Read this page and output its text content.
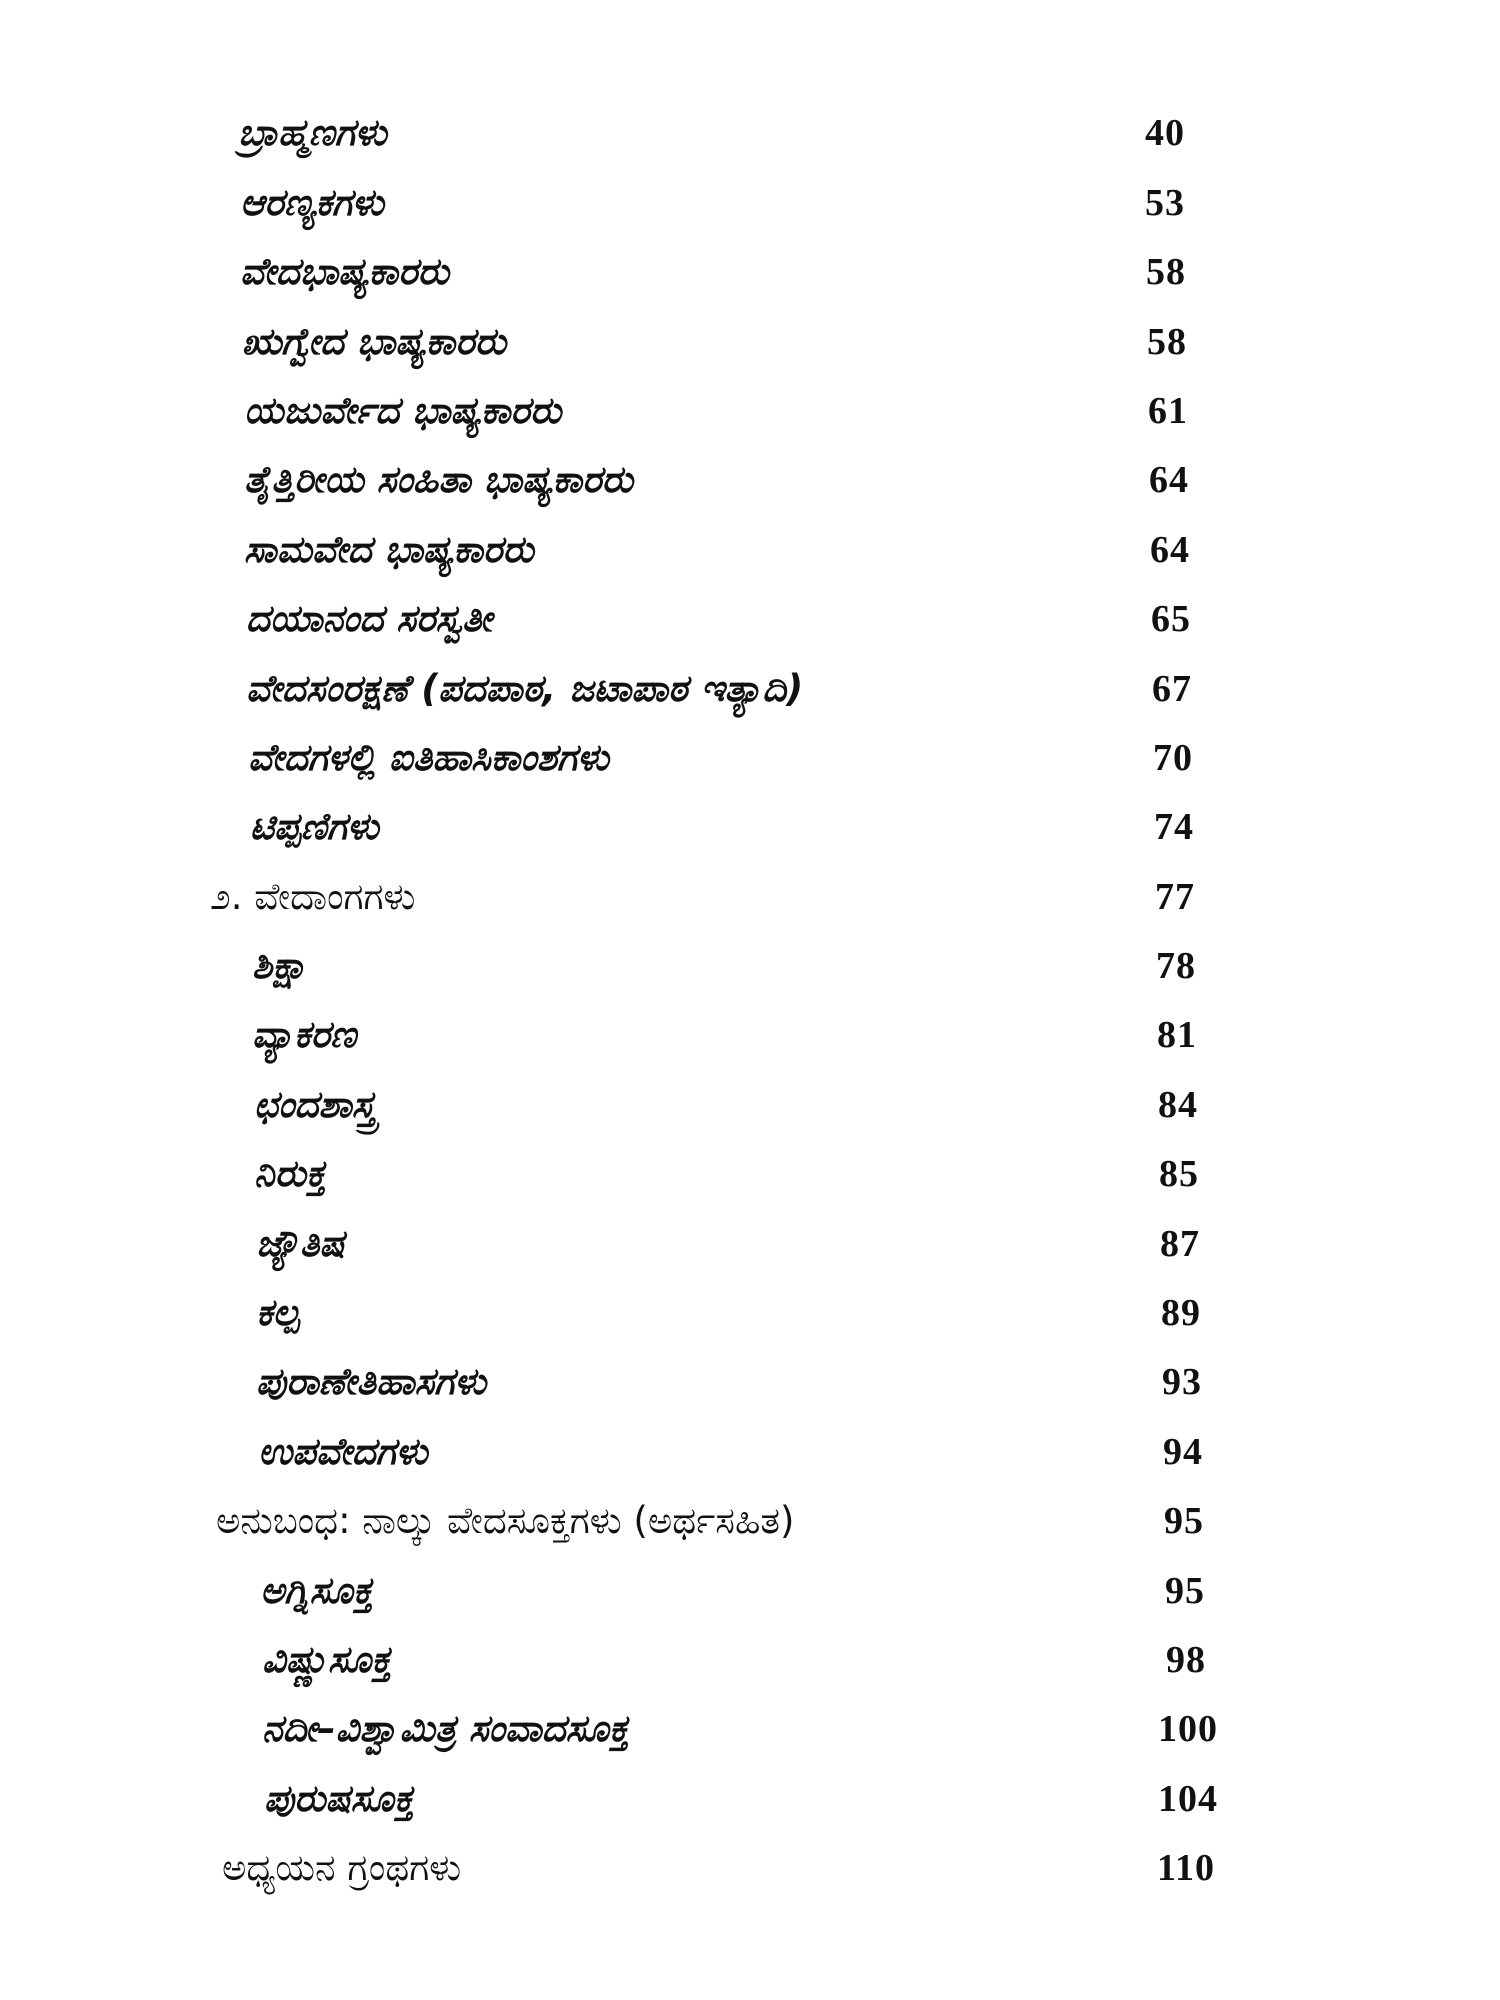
ಬ್ರಾಹ್ಮಣಗಳು	40
ಆರಣ್ಯಕಗಳು	53
ವೇದಭಾಷ್ಯಕಾರರು	58
ಋಗ್ವೇದ ಭಾಷ್ಯಕಾರರು	58
ಯಜುರ್ವೇದ ಭಾಷ್ಯಕಾರರು	61
ತೈತ್ತಿರೀಯ ಸಂಹಿತಾ ಭಾಷ್ಯಕಾರರು	64
ಸಾಮವೇದ ಭಾಷ್ಯಕಾರರು	64
ದಯಾನಂದ ಸರಸ್ವತೀ	65
ವೇದಸಂರಕ್ಷಣೆ (ಪದಪಾಠ, ಜಟಾಪಾಠ ಇತ್ಯಾದಿ)	67
ವೇದಗಳಲ್ಲಿ ಐತಿಹಾಸಿಕಾಂಶಗಳು	70
ಟಿಪ್ಪಣಿಗಳು	74
೨. ವೇದಾಂಗಗಳು	77
ಶಿಕ್ಷಾ	78
ವ್ಯಾಕರಣ	81
ಛಂದಶಾಸ್ತ್ರ	84
ನಿರುಕ್ತ	85
ಜ್ಯೌತಿಷ	87
ಕಲ್ಪ	89
ಪುರಾಣೇತಿಹಾಸಗಳು	93
ಉಪವೇದಗಳು	94
ಅನುಬಂಧ: ನಾಲ್ಕು ವೇದಸೂಕ್ತಗಳು (ಅರ್ಥಸಹಿತ)	95
ಅಗ್ನಿಸೂಕ್ತ	95
ವಿಷ್ಣುಸೂಕ್ತ	98
ನದೀ–ವಿಶ್ವಾಮಿತ್ರ ಸಂವಾದಸೂಕ್ತ	100
ಪುರುಷಸೂಕ್ತ	104
ಅಧ್ಯಯನ ಗ್ರಂಥಗಳು	110
